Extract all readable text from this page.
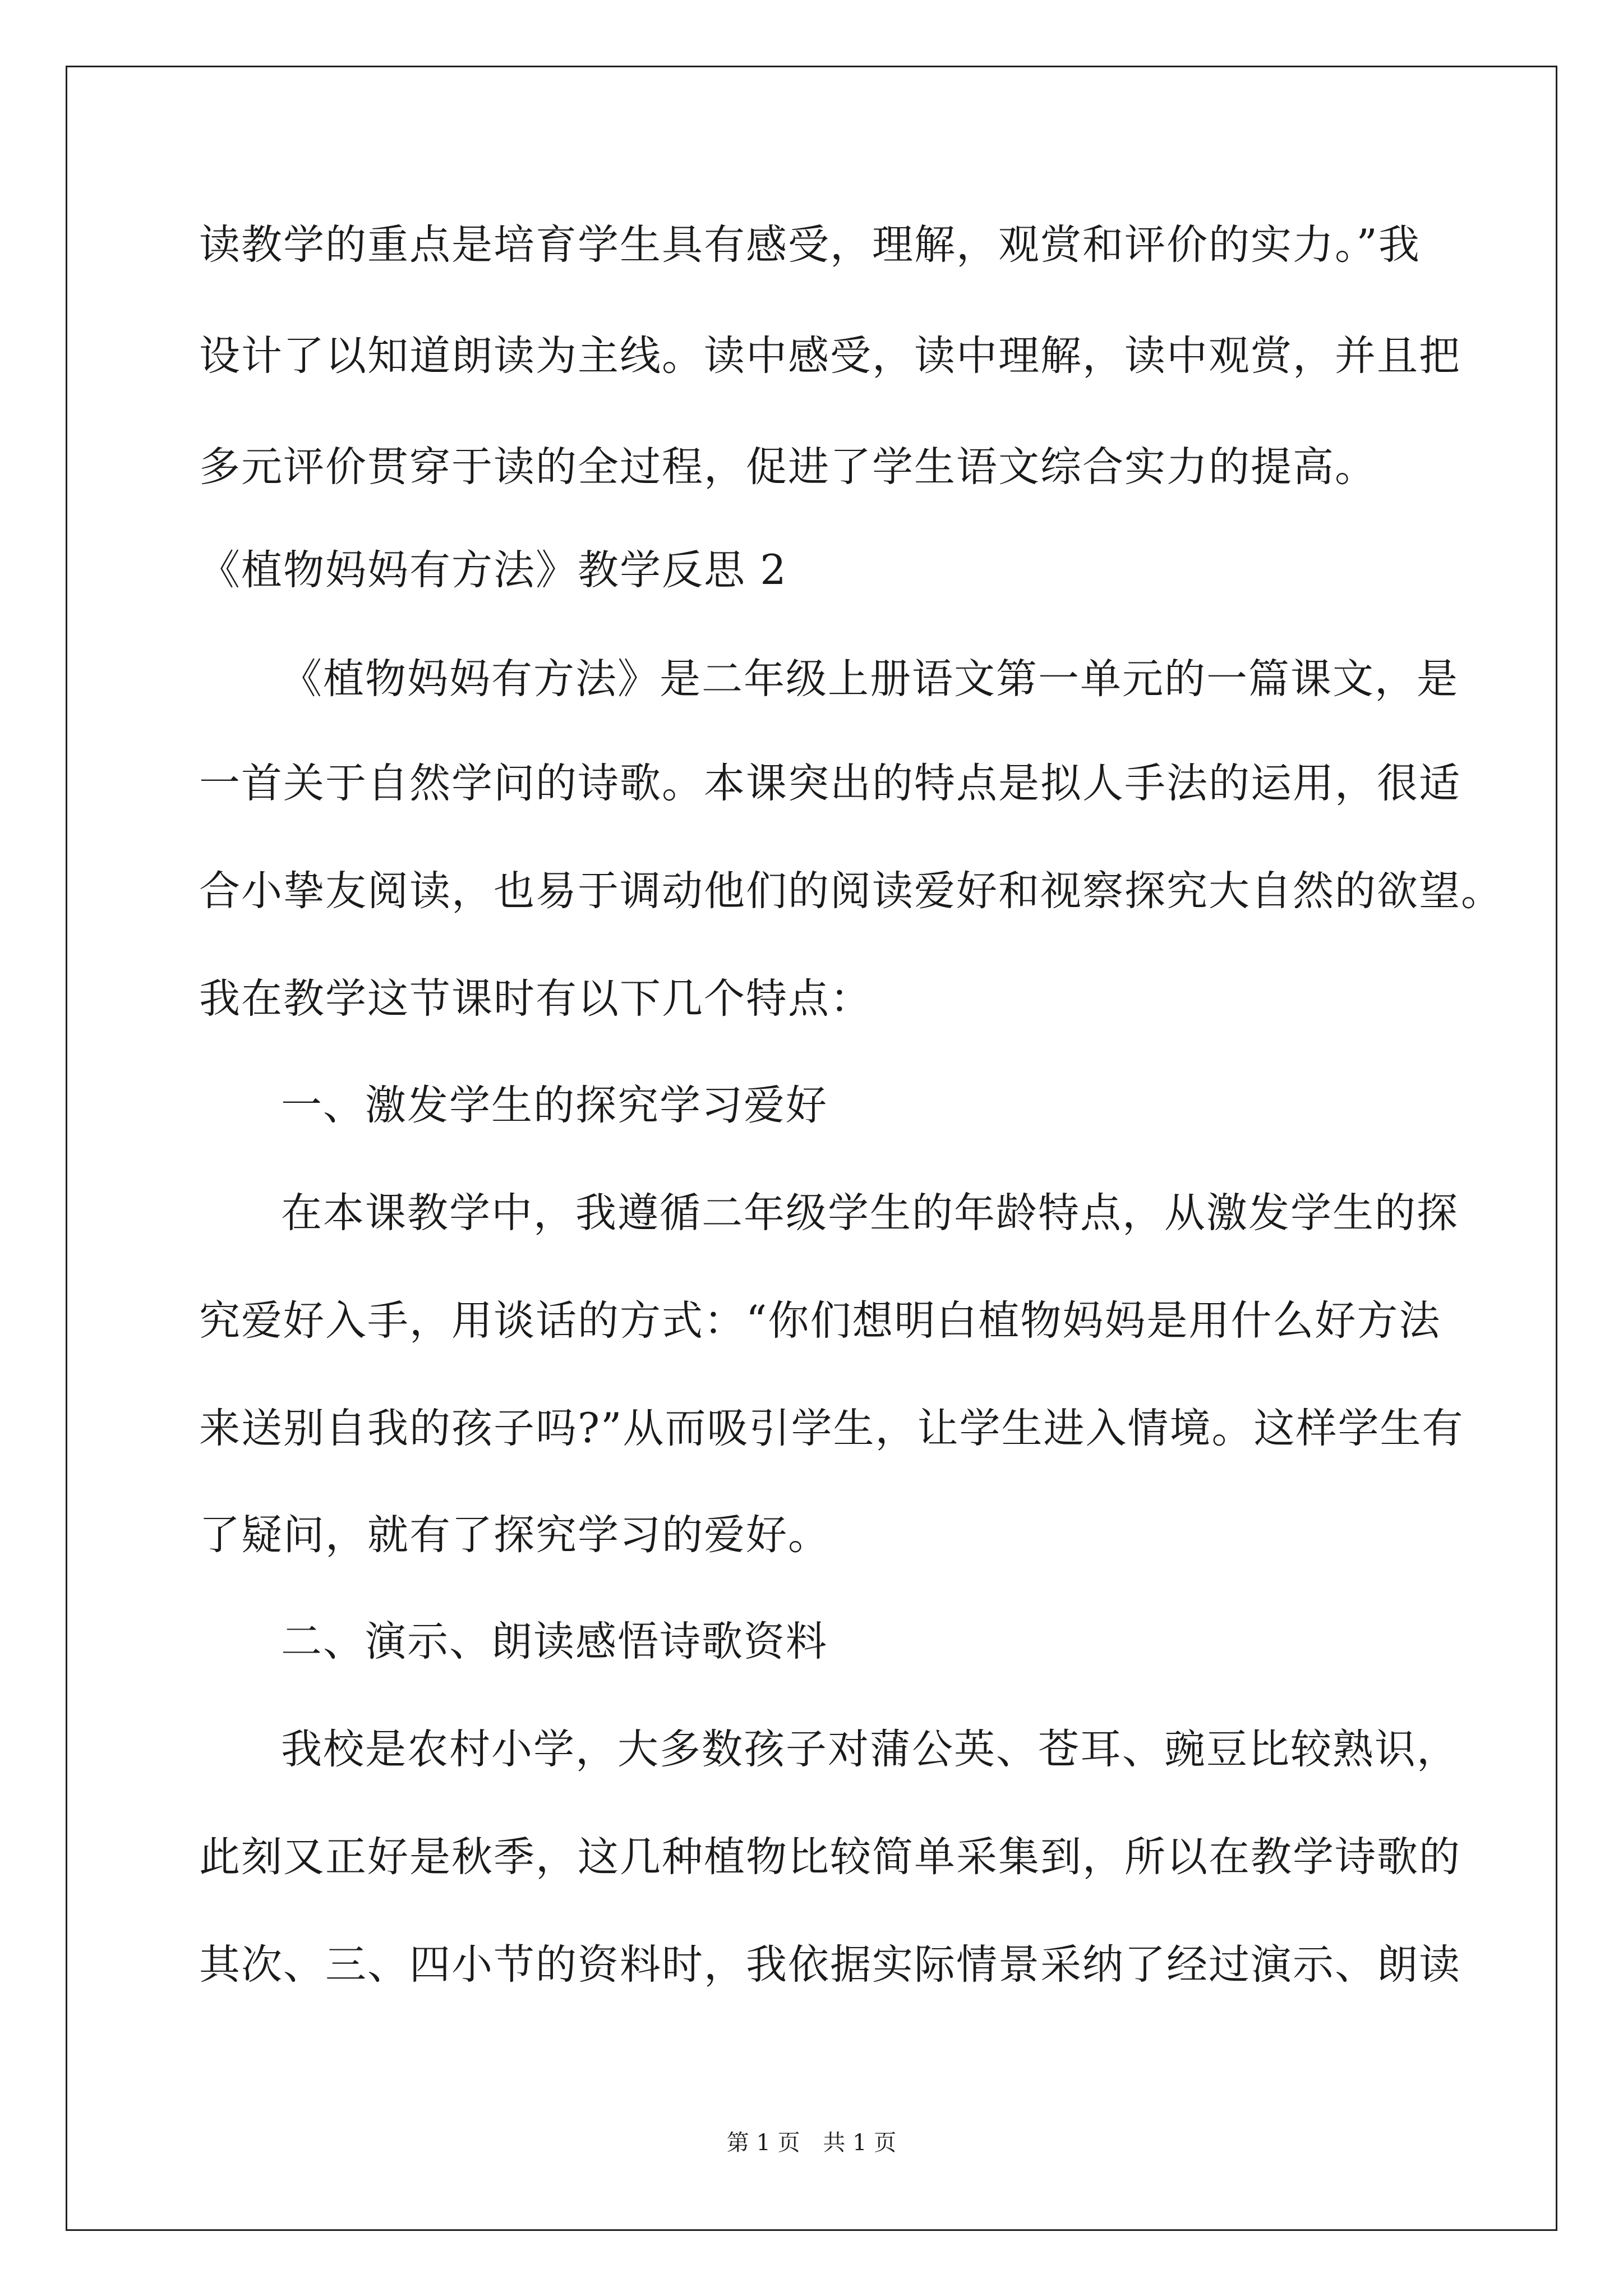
读教学的重点是培育学生具有感受，理解，观赏和评价的实力。”我
设计了以知道朗读为主线。读中感受，读中理解，读中观赏，并且把
多元评价贯穿于读的全过程，促进了学生语文综合实力的提高。
《植物妈妈有方法》教学反思 2
《植物妈妈有方法》是二年级上册语文第一单元的一篇课文，是
一首关于自然学问的诗歌。本课突出的特点是拟人手法的运用，很适
合小挚友阅读，也易于调动他们的阅读爱好和视察探究大自然的欲望。
我在教学这节课时有以下几个特点：
一、激发学生的探究学习爱好
在本课教学中，我遵循二年级学生的年龄特点，从激发学生的探
究爱好入手，用谈话的方式：“你们想明白植物妈妈是用什么好方法
来送别自我的孩子吗?”从而吸引学生，让学生进入情境。这样学生有
了疑问，就有了探究学习的爱好。
二、演示、朗读感悟诗歌资料
我校是农村小学，大多数孩子对蒲公英、苍耳、豌豆比较熟识，
此刻又正好是秋季，这几种植物比较简单采集到，所以在教学诗歌的
其次、三、四小节的资料时，我依据实际情景采纳了经过演示、朗读
第 1 页 共 1 页
